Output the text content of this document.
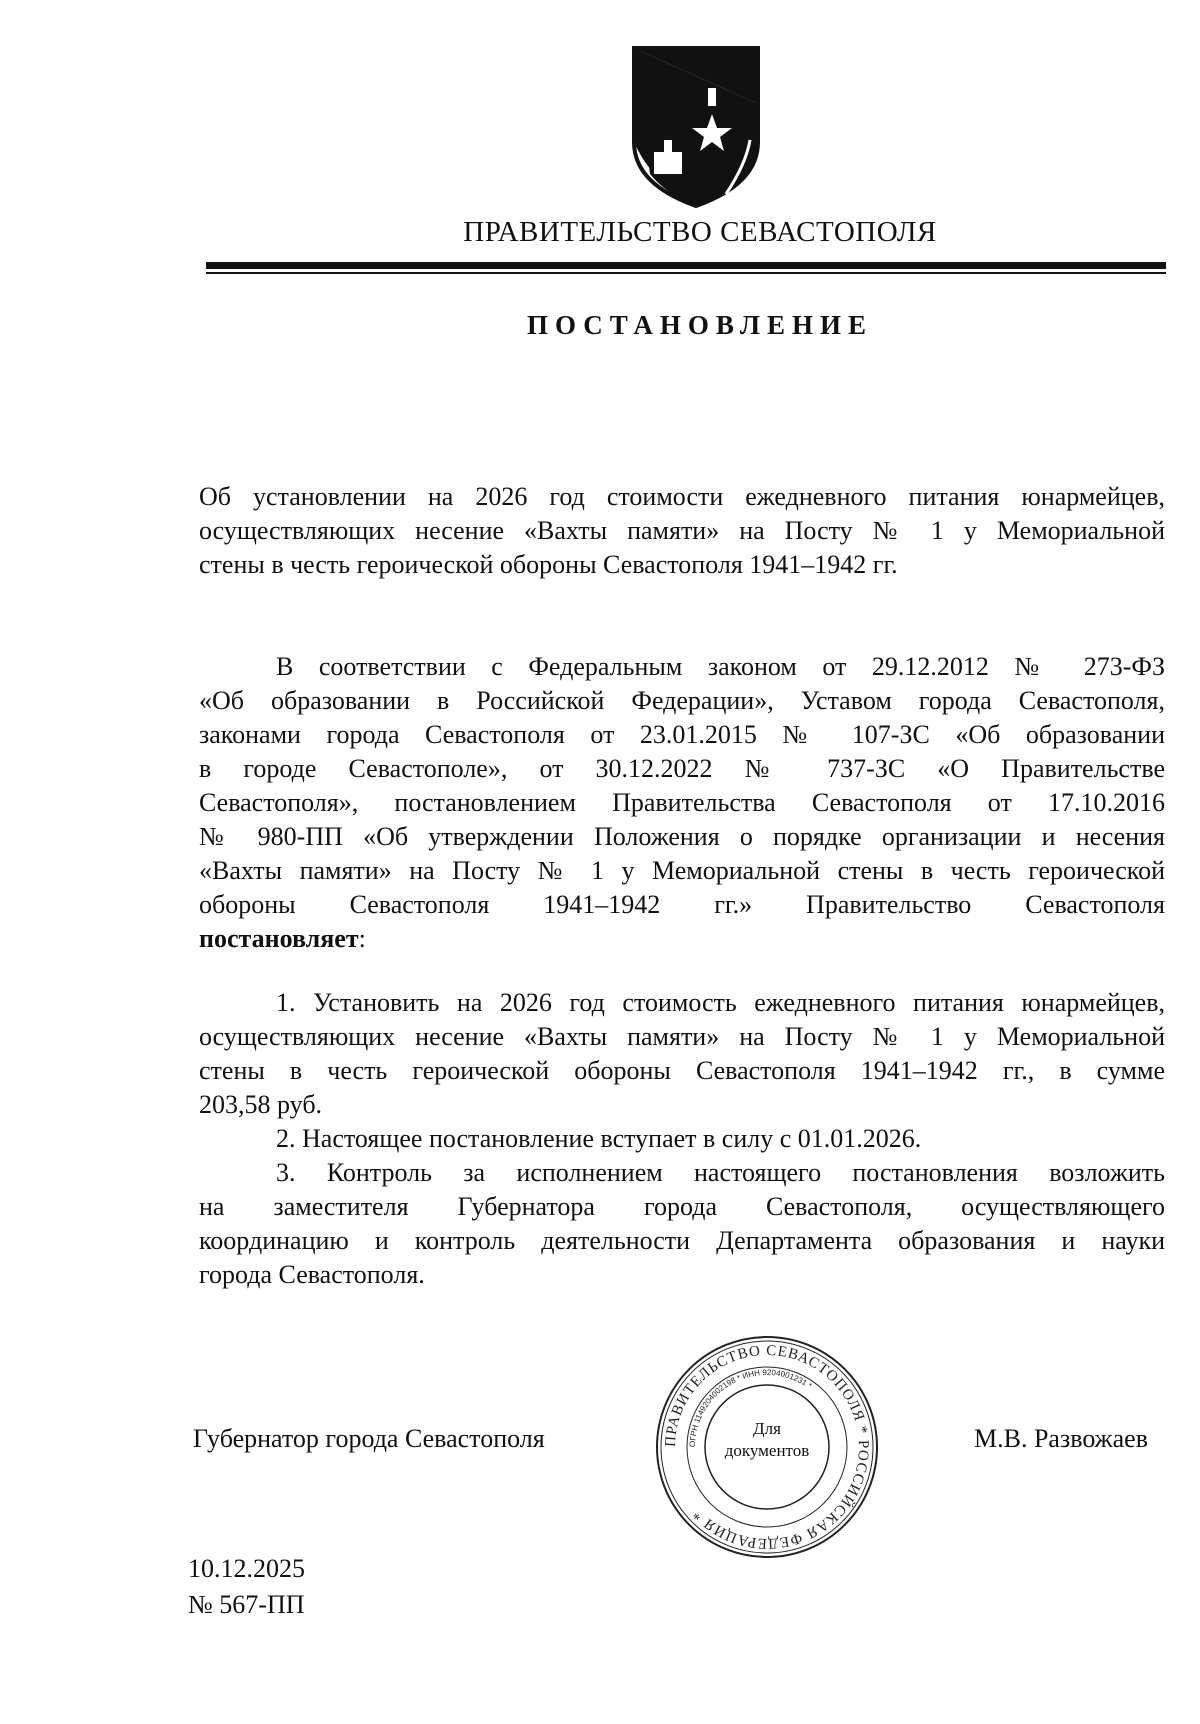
ПРАВИТЕЛЬСТВО СЕВАСТОПОЛЯ
ПОСТАНОВЛЕНИЕ
Об установлении на 2026 год стоимости ежедневного питания юнармейцев,
осуществляющих несение «Вахты памяти» на Посту № 1 у Мемориальной
стены в честь героической обороны Севастополя 1941–1942 гг.
В соответствии с Федеральным законом от 29.12.2012 № 273-ФЗ
«Об образовании в Российской Федерации», Уставом города Севастополя,
законами города Севастополя от 23.01.2015 № 107-ЗС «Об образовании
в городе Севастополе», от 30.12.2022 № 737-ЗС «О Правительстве
Севастополя», постановлением Правительства Севастополя от 17.10.2016
№ 980-ПП «Об утверждении Положения о порядке организации и несения
«Вахты памяти» на Посту № 1 у Мемориальной стены в честь героической
обороны Севастополя 1941–1942 гг.» Правительство Севастополя
постановляет:
1. Установить на 2026 год стоимость ежедневного питания юнармейцев,
осуществляющих несение «Вахты памяти» на Посту № 1 у Мемориальной
стены в честь героической обороны Севастополя 1941–1942 гг., в сумме
203,58 руб.
2. Настоящее постановление вступает в силу с 01.01.2026.
3. Контроль за исполнением настоящего постановления возложить
на заместителя Губернатора города Севастополя, осуществляющего
координацию и контроль деятельности Департамента образования и науки
города Севастополя.
Губернатор города Севастополя	ПРАВИТЕЛЬСТВО СЕВАСТОПОЛЯ * РОССИЙСКАЯ ФЕДЕРАЦИЯ *
ОГРН 1149204002198 * ИНН 9204001231 *
Для
документов	М.В. Развожаев
10.12.2025
№ 567-ПП
